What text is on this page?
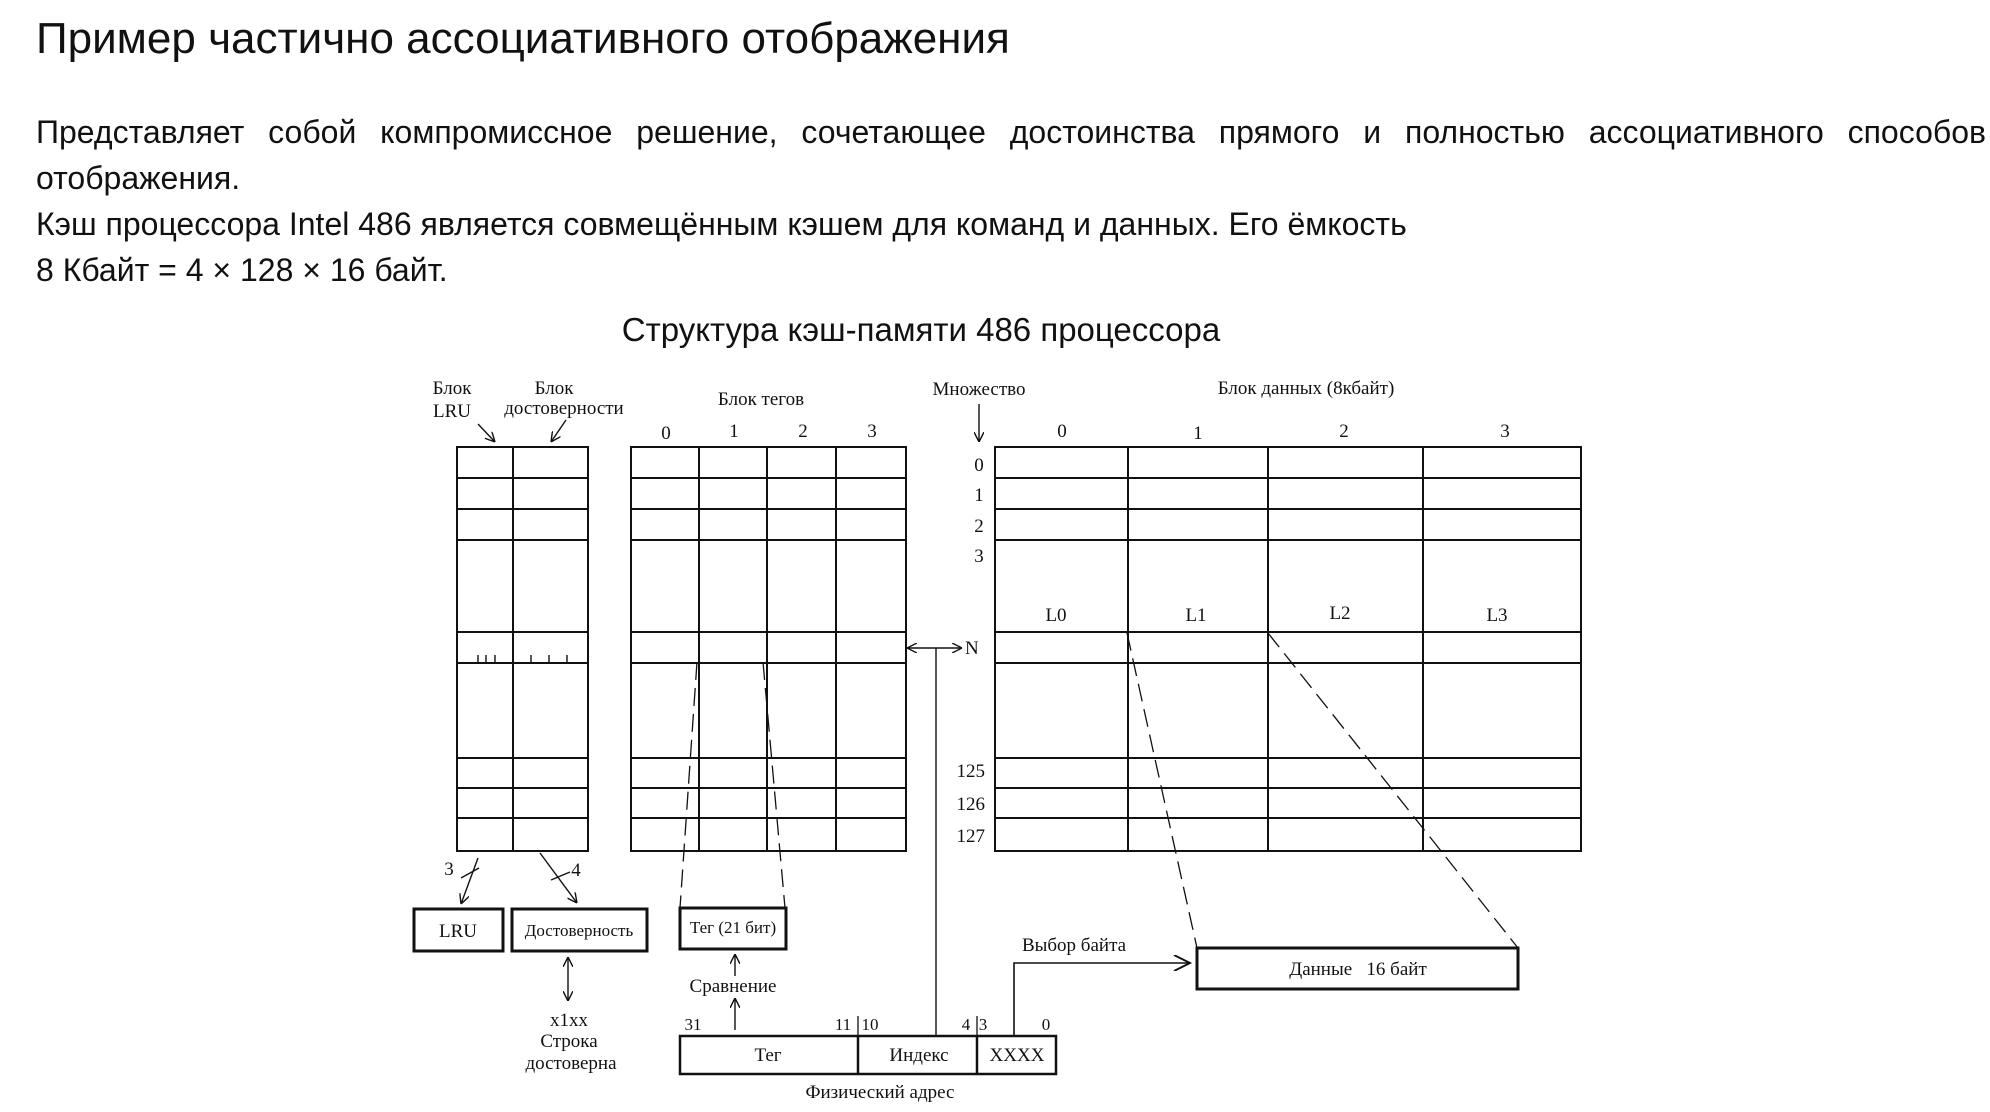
Пример частично ассоциативного отображения

Представляет собой компромиссное решение, сочетающее достоинства прямого и полностью ассоциативного способов отображения.

Кэш процессора Intel 486 является совмещённым кэшем для команд и данных. Его ёмкость

8 Кбайт = 4 × 128 × 16 байт.

Структура кэш-памяти 486 процессора

Блок
LRU
Блок
достоверности	Блок тегов	Множество	Блок данных (8кбайт)
0	1	2	3	0	1	2	3
0
1
2
3
125
126
127
L0	L1	L2	L3
N
3	4
LRU	Достоверность
x1xx
Строка
достоверна
Тег (21 бит)
Сравнение
Тег	Индекс XXXX
31	11 10	4 3	0
Физический адрес
Выбор байта
Данные   16 байт
